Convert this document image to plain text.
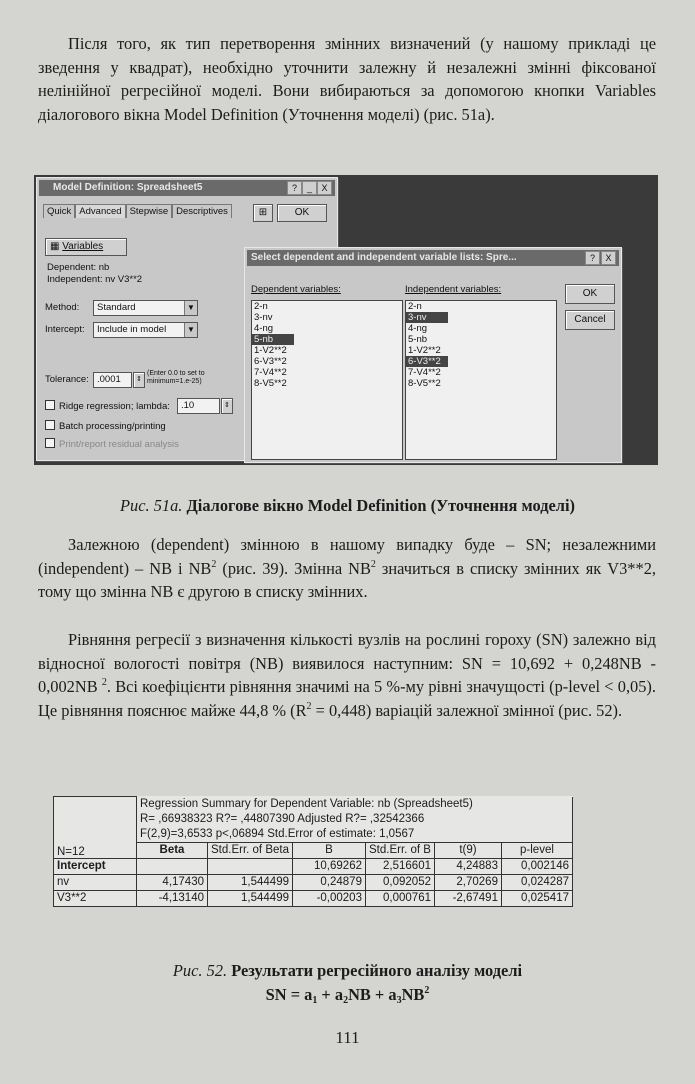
Після того, як тип перетворення змінних визначений (у нашому прикладі це зведення у квадрат), необхідно уточнити залежну й незалежні змінні фіксованої нелінійної регресійної моделі. Вони вибираються за допомогою кнопки Variables діалогового вікна Model Definition (Уточнення моделі) (рис. 51а).

Model Definition: Spreadsheet5	?	_	X
Quick Advanced Stepwise Descriptives	⊞	OK
▦ Variables
Dependent: nb
Independent: nv V3**2
Method:	Standard	▼
Intercept:	Include in model	▼
Tolerance: .0001	⇕
(Enter 0.0 to set to minimum=1.e-25)
Ridge regression; lambda:	.10	⇕
Batch processing/printing
Print/report residual analysis
Select dependent and independent variable lists: Spre...	?	X
Dependent variables:	Independent variables:
2-n
3-nv
4-ng
5-nb
1-V2**2
6-V3**2
7-V4**2
8-V5**2
2-n
3-nv
4-ng
5-nb
1-V2**2
6-V3**2
7-V4**2
8-V5**2
OK
Cancel

Рис. 51а. Діалогове вікно Model Definition (Уточнення моделі)

Залежною (dependent) змінною в нашому випадку буде – SN; незалежними (independent) – NB і $NB^2$ (рис. 39). Змінна $NB^2$ значиться в списку змінних як V3**2, тому що змінна NB є другою в списку змінних.

Рівняння регресії з визначення кількості вузлів на рослині гороху (SN) залежно від відносної вологості повітря (NB) виявилося наступним: SN = 10,692 + 0,248NB - 0,002NB $^2$. Всі коефіцієнти рівняння значимі на 5 %-му рівні значущості (p-level < 0,05). Це рівняння пояснює майже 44,8 % $(R^2 = 0,448)$ варіацій залежної змінної (рис. 52).

	Regression Summary for Dependent Variable: nb (Spreadsheet5)					
	R= ,66938323 R?= ,44807390 Adjusted R?= ,32542366					
	F(2,9)=3,6533 p<,06894 Std.Error of estimate: 1,0567					
N=12	Beta	Std.Err. of Beta	B	Std.Err. of B	t(9)	p-level
Intercept			10,69262	2,516601	4,24883	0,002146
nv	4,17430	1,544499	0,24879	0,092052	2,70269	0,024287
V3**2	-4,13140	1,544499	-0,00203	0,000761	-2,67491	0,025417

Рис. 52. Результати регресійного аналізу моделі

SN = $a_1 + a_2NB + a_3NB^2$

111
